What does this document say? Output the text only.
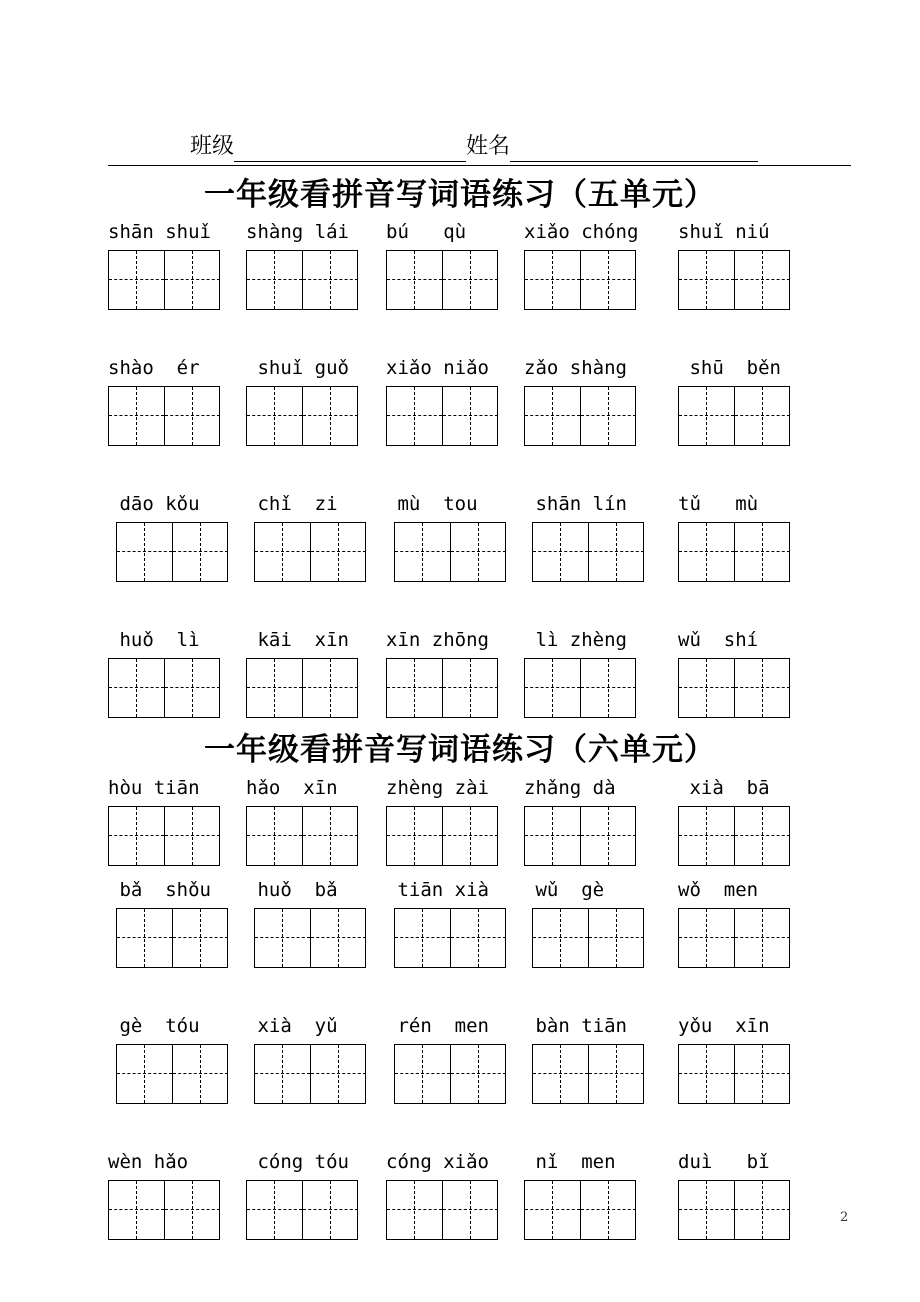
班级	姓名
一年级看拼音写词语练习（五单元）
shān shuǐ	shàng lái	bú   qù	xiǎo chóng	shuǐ niú
shào  ér	shuǐ guǒ	xiǎo niǎo	zǎo shàng	shū  běn
dāo kǒu	chǐ  zi	mù  tou	shān lín	tǔ   mù
huǒ  lì	kāi  xīn	xīn zhōng	lì zhèng	wǔ  shí
一年级看拼音写词语练习（六单元）
hòu tiān	hǎo  xīn	zhèng zài	zhǎng dà	xià  bā
bǎ  shǒu	huǒ  bǎ	tiān xià	wǔ  gè	wǒ  men
gè  tóu	xià  yǔ	rén  men	bàn tiān	yǒu  xīn
wèn hǎo	cóng tóu	cóng xiǎo	nǐ  men	duì   bǐ
2
